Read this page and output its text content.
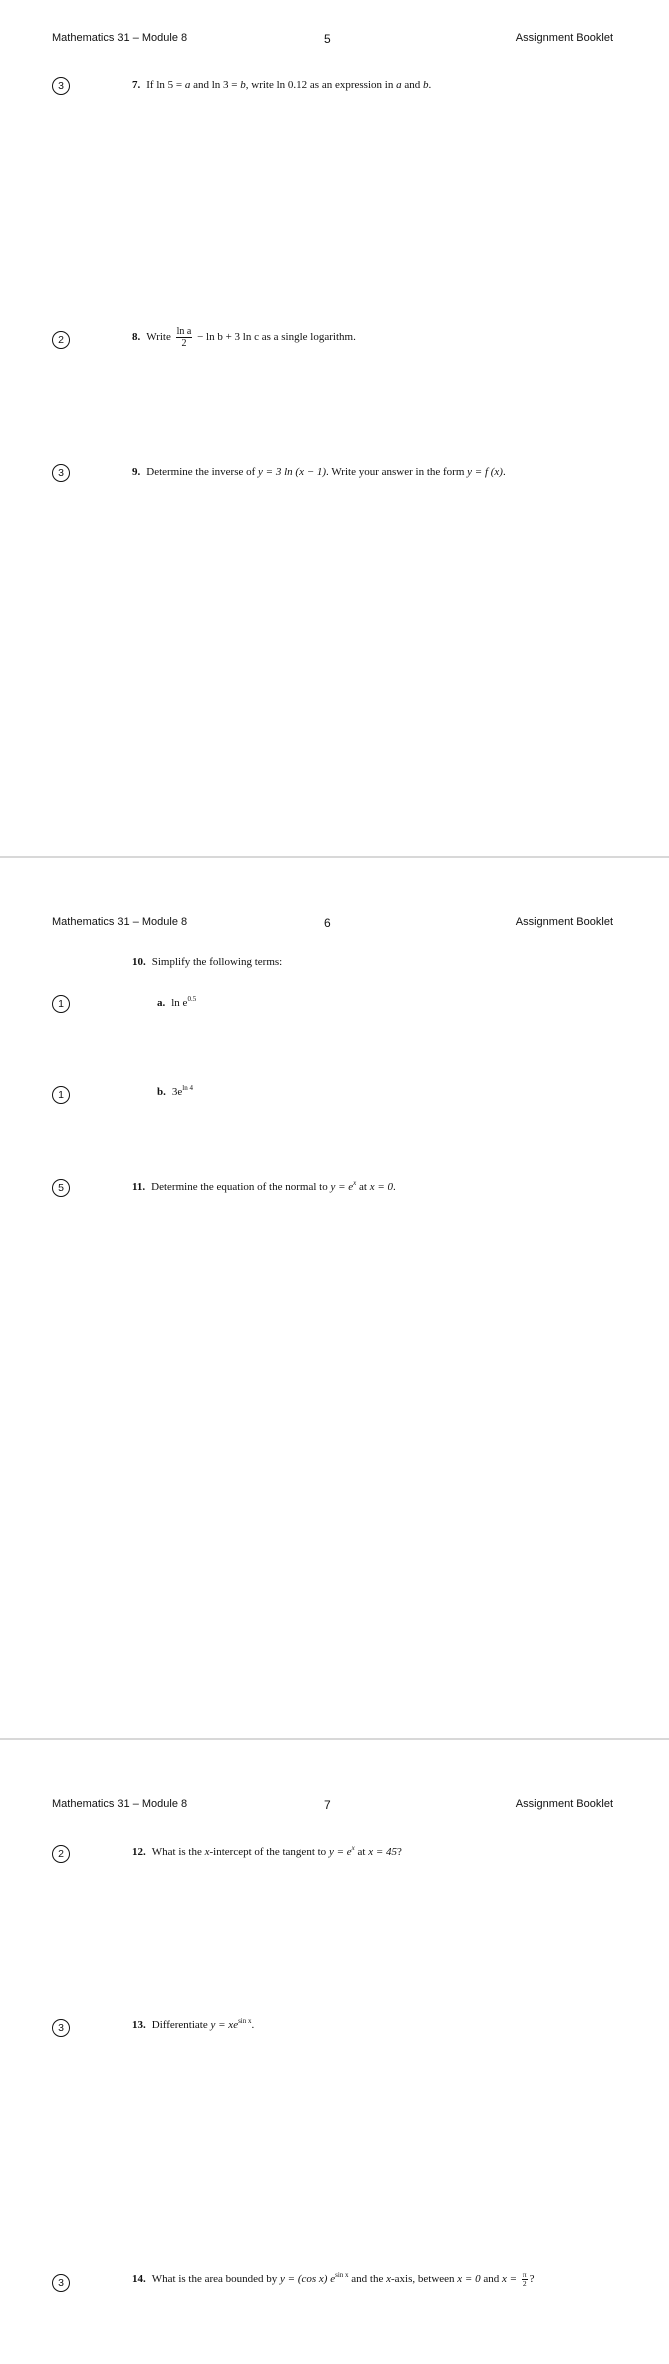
Mathematics 31 – Module 8	5	Assignment Booklet
3	7. If ln 5 = a and ln 3 = b, write ln 0.12 as an expression in a and b.
2	8. Write $\frac{\text{ln a}}{2} - \ln b + 3$ ln c as a single logarithm.
3	9. Determine the inverse of y = 3 ln (x − 1). Write your answer in the form y = f (x).
Mathematics 31 – Module 8	6	Assignment Booklet
10. Simplify the following terms:
1	a. $\ln e^{0.5}$
1	b. $3e^{ln 4}$
5	11. Determine the equation of the normal to $y = e^x$ at x = 0.
Mathematics 31 – Module 8	7	Assignment Booklet
2	12. What is the x-intercept of the tangent to $y = e^x$ at x = 45?
3	13. Differentiate $y = xe^{sin x}$.
3	14. What is the area bounded by y = (cos x) $e^{sin x}$ and the x-axis, between x = 0 and $x = \frac{\pi}{2}$ ?
